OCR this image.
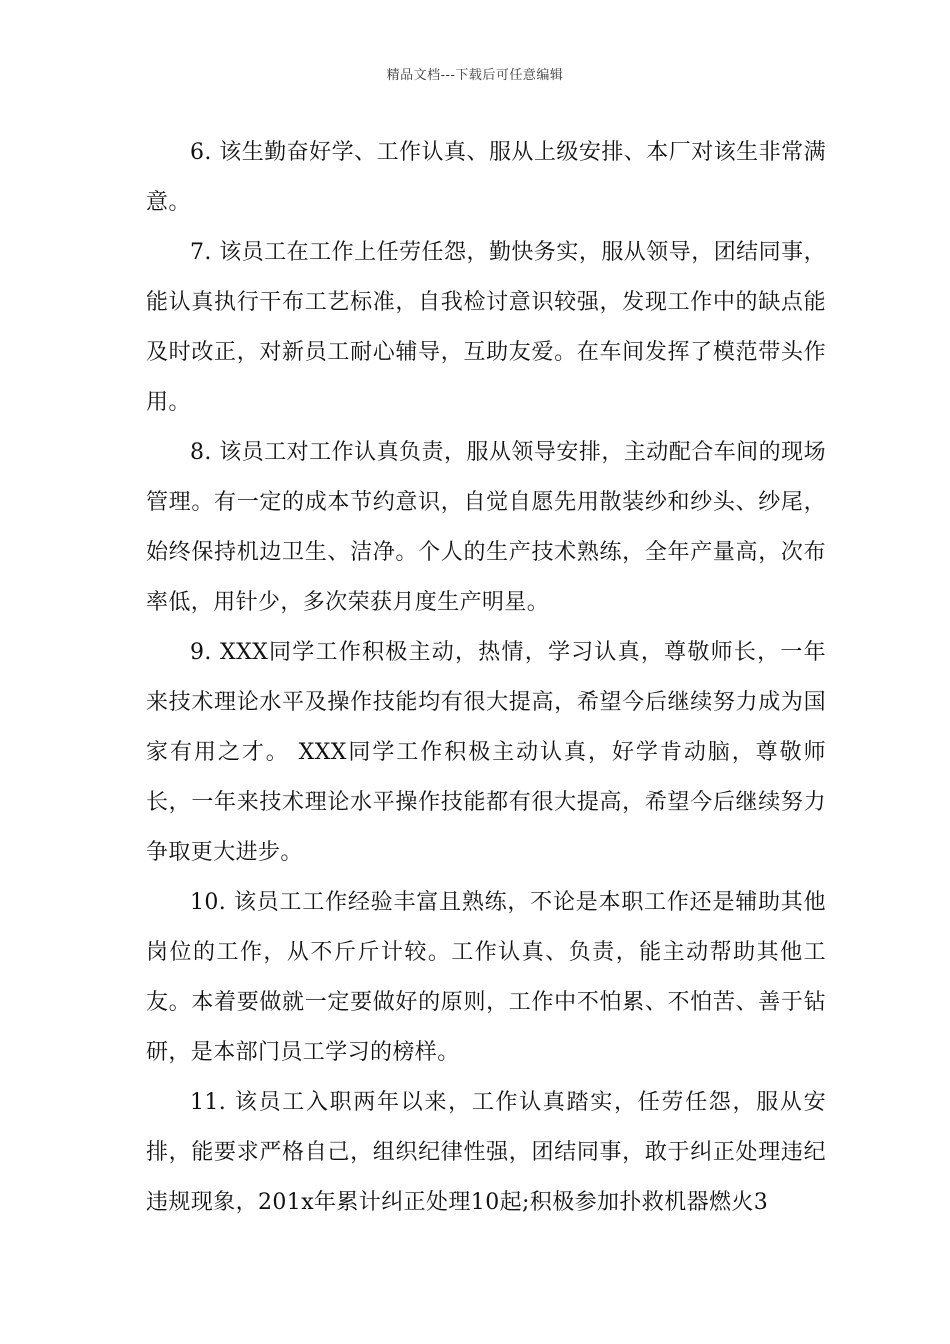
精品文档---下载后可任意编辑

6. 该生勤奋好学、工作认真、服从上级安排、本厂对该生非常满意。

7. 该员工在工作上任劳任怨，勤快务实，服从领导，团结同事，能认真执行干布工艺标准，自我检讨意识较强，发现工作中的缺点能及时改正，对新员工耐心辅导，互助友爱。在车间发挥了模范带头作用。

8. 该员工对工作认真负责，服从领导安排，主动配合车间的现场管理。有一定的成本节约意识，自觉自愿先用散装纱和纱头、纱尾，始终保持机边卫生、洁净。个人的生产技术熟练，全年产量高，次布率低，用针少，多次荣获月度生产明星。

9. XXX同学工作积极主动，热情，学习认真，尊敬师长，一年来技术理论水平及操作技能均有很大提高，希望今后继续努力成为国家有用之才。 XXX同学工作积极主动认真，好学肯动脑，尊敬师长，一年来技术理论水平操作技能都有很大提高，希望今后继续努力争取更大进步。

10. 该员工工作经验丰富且熟练，不论是本职工作还是辅助其他岗位的工作，从不斤斤计较。工作认真、负责，能主动帮助其他工友。本着要做就一定要做好的原则，工作中不怕累、不怕苦、善于钻研，是本部门员工学习的榜样。

11. 该员工入职两年以来，工作认真踏实，任劳任怨，服从安排，能要求严格自己，组织纪律性强，团结同事，敢于纠正处理违纪违规现象，201x年累计纠正处理10起;积极参加扑救机器燃火3
